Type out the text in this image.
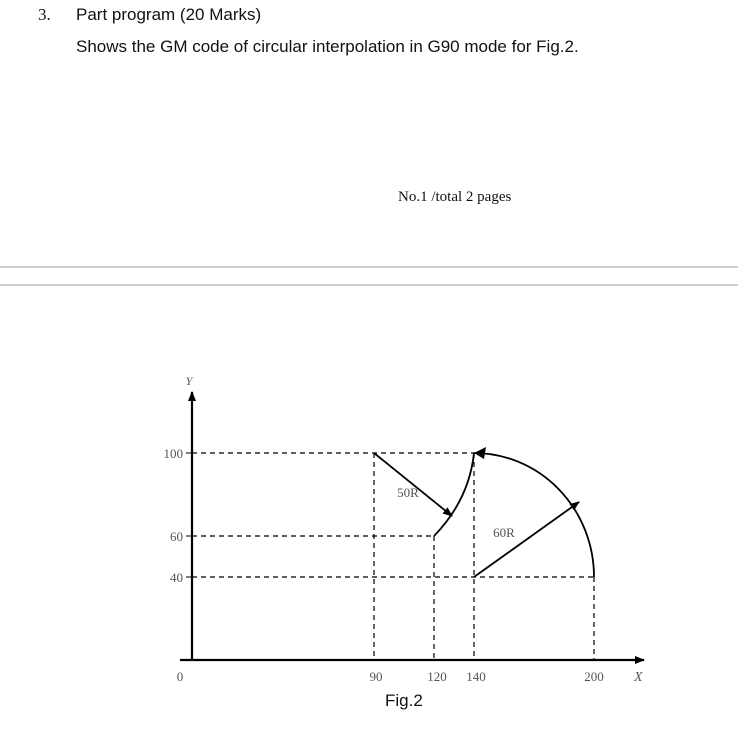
3. Part program (20 Marks)
Shows the GM code of circular interpolation in G90 mode for Fig.2.
No.1 /total 2 pages
Y
X
100
60
40
0	90	120 140	200
50R
60R
Fig.2
